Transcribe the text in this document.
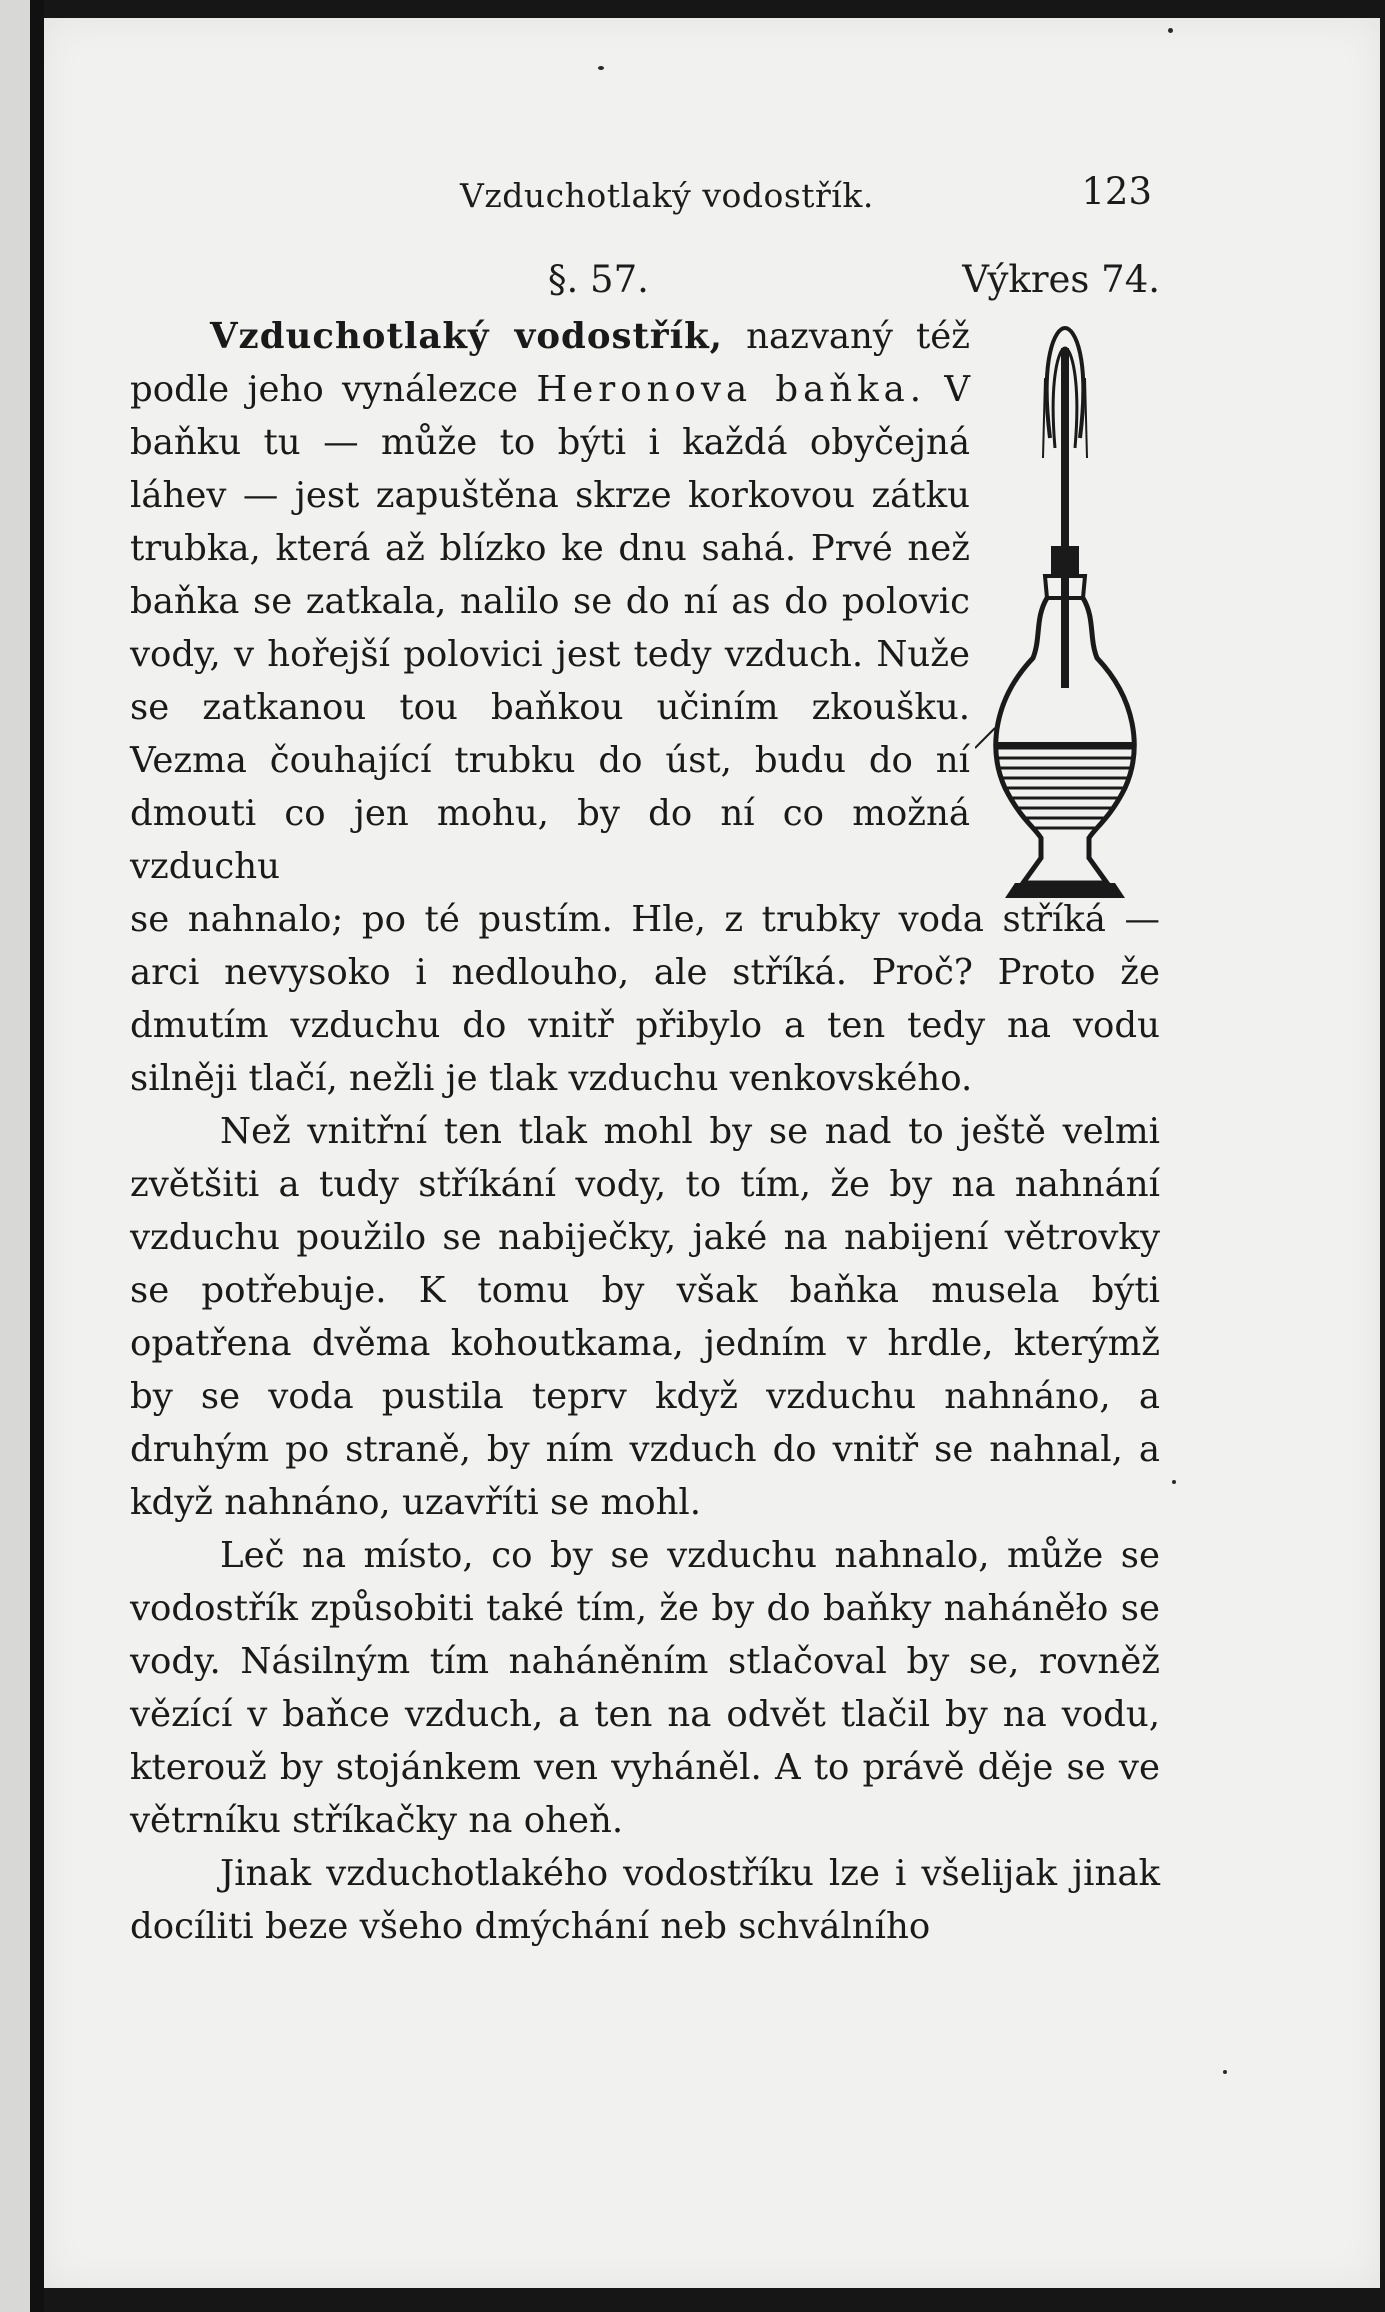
Vzduchotlaký vodostřík.	123
§. 57.	Výkres 74.

Vzduchotlaký vodostřík, nazvaný též podle jeho vynálezce Heronova baňka. V baňku tu — může to býti i každá obyčejná láhev — jest zapuštěna skrze korkovou zátku trubka, která až blízko ke dnu sahá. Prvé než baňka se zatkala, nalilo se do ní as do polovic vody, v hořejší polovici jest tedy vzduch. Nuže se zatkanou tou baňkou učiním zkoušku. Vezma čouhající trubku do úst, budu do ní dmouti co jen mohu, by do ní co možná vzduchu

se nahnalo; po té pustím. Hle, z trubky voda stříká — arci nevysoko i nedlouho, ale stříká. Proč? Proto že dmutím vzduchu do vnitř přibylo a ten tedy na vodu silněji tlačí, nežli je tlak vzduchu venkovského.

Než vnitřní ten tlak mohl by se nad to ještě velmi zvětšiti a tudy stříkání vody, to tím, že by na nahnání vzduchu použilo se nabiječky, jaké na nabijení větrovky se potřebuje. K tomu by však baňka musela býti opatřena dvěma kohoutkama, jedním v hrdle, kterýmž by se voda pustila teprv když vzduchu nahnáno, a druhým po straně, by ním vzduch do vnitř se nahnal, a když nahnáno, uzavříti se mohl.

Leč na místo, co by se vzduchu nahnalo, může se vodostřík způsobiti také tím, že by do baňky naháněło se vody. Násilným tím naháněním stlačoval by se, rovněž vězící v baňce vzduch, a ten na odvět tlačil by na vodu, kterouž by stojánkem ven vyháněl. A to právě děje se ve větrníku stříkačky na oheň.

Jinak vzduchotlakého vodostříku lze i všelijak jinak docíliti beze všeho dmýchání neb schválního
